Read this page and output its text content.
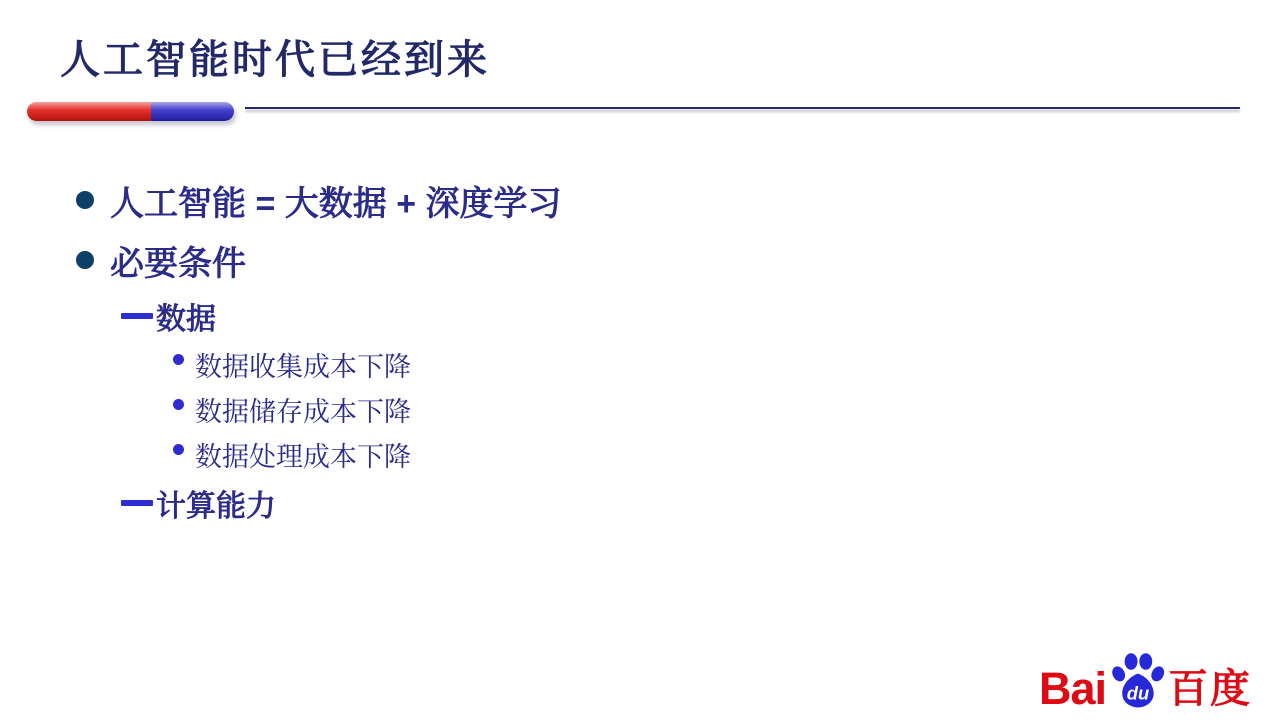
人工智能时代已经到来
人工智能 = 大数据 + 深度学习
必要条件
数据
数据收集成本下降
数据储存成本下降
数据处理成本下降
计算能力
Bai du 百度
